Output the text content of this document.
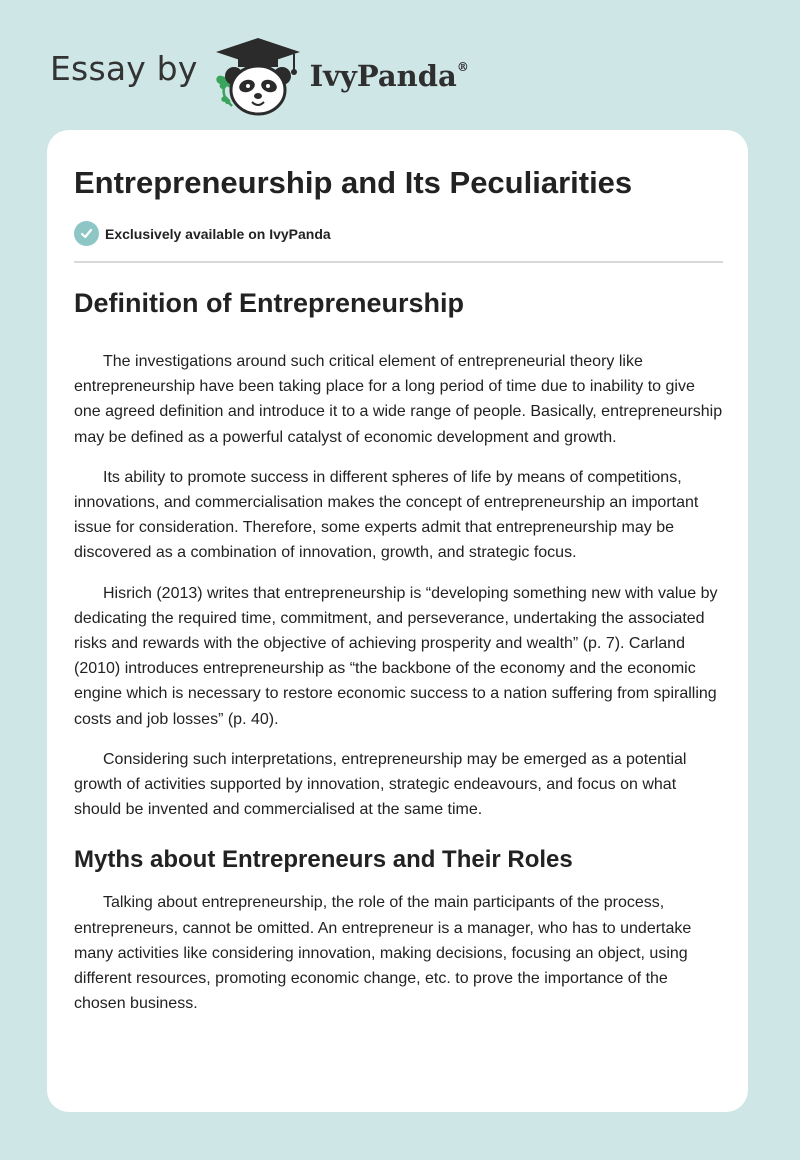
Essay by	IvyPanda®
Entrepreneurship and Its Peculiarities
Exclusively available on IvyPanda
Definition of Entrepreneurship

The investigations around such critical element of entrepreneurial theory like entrepreneurship have been taking place for a long period of time due to inability to give one agreed definition and introduce it to a wide range of people. Basically, entrepreneurship may be defined as a powerful catalyst of economic development and growth.

Its ability to promote success in different spheres of life by means of competitions, innovations, and commercialisation makes the concept of entrepreneurship an important issue for consideration. Therefore, some experts admit that entrepreneurship may be discovered as a combination of innovation, growth, and strategic focus.

Hisrich (2013) writes that entrepreneurship is “developing something new with value by dedicating the required time, commitment, and perseverance, undertaking the associated risks and rewards with the objective of achieving prosperity and wealth” (p. 7). Carland (2010) introduces entrepreneurship as “the backbone of the economy and the economic engine which is necessary to restore economic success to a nation suffering from spiralling costs and job losses” (p. 40).

Considering such interpretations, entrepreneurship may be emerged as a potential growth of activities supported by innovation, strategic endeavours, and focus on what should be invented and commercialised at the same time.

Myths about Entrepreneurs and Their Roles

Talking about entrepreneurship, the role of the main participants of the process, entrepreneurs, cannot be omitted. An entrepreneur is a manager, who has to undertake many activities like considering innovation, making decisions, focusing an object, using different resources, promoting economic change, etc. to prove the importance of the chosen business.
